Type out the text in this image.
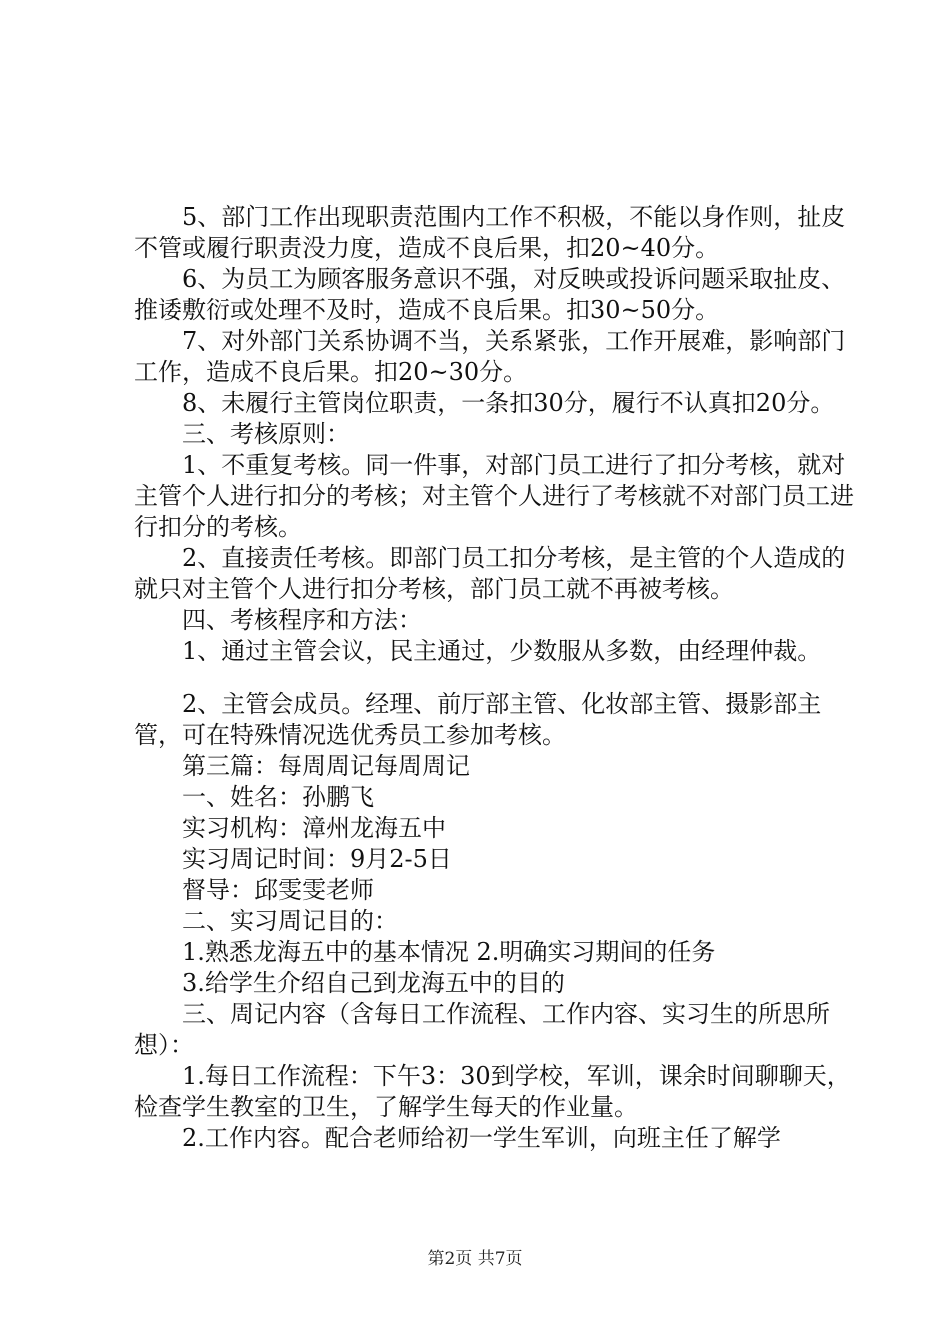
5、部门工作出现职责范围内工作不积极，不能以身作则，扯皮不管或履行职责没力度，造成不良后果，扣20~40分。

6、为员工为顾客服务意识不强，对反映或投诉问题采取扯皮、推诿敷衍或处理不及时，造成不良后果。扣30~50分。

7、对外部门关系协调不当，关系紧张，工作开展难，影响部门工作，造成不良后果。扣20~30分。

8、未履行主管岗位职责，一条扣30分，履行不认真扣20分。

三、考核原则：

1、不重复考核。同一件事，对部门员工进行了扣分考核，就对主管个人进行扣分的考核；对主管个人进行了考核就不对部门员工进行扣分的考核。

2、直接责任考核。即部门员工扣分考核，是主管的个人造成的就只对主管个人进行扣分考核，部门员工就不再被考核。

四、考核程序和方法：

1、通过主管会议，民主通过，少数服从多数，由经理仲裁。

2、主管会成员。经理、前厅部主管、化妆部主管、摄影部主管，可在特殊情况选优秀员工参加考核。

第三篇：每周周记每周周记

一、姓名：孙鹏飞

实习机构：漳州龙海五中

实习周记时间：9月2-5日

督导：邱雯雯老师

二、实习周记目的：

1.熟悉龙海五中的基本情况 2.明确实习期间的任务

3.给学生介绍自己到龙海五中的目的

三、周记内容（含每日工作流程、工作内容、实习生的所思所想）：

1.每日工作流程：下午3：30到学校，军训，课余时间聊聊天，检查学生教室的卫生，了解学生每天的作业量。

2.工作内容。配合老师给初一学生军训，向班主任了解学

第2页 共7页
